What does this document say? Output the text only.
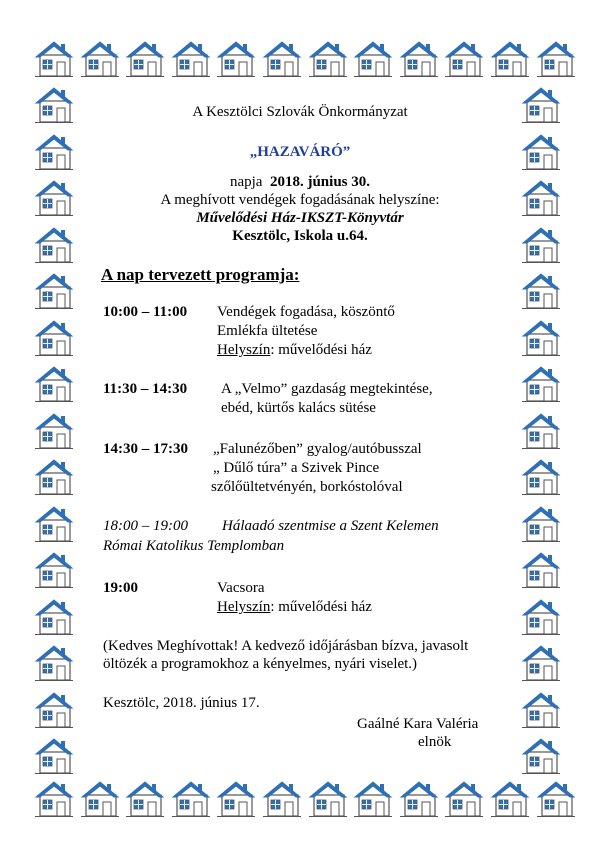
A Kesztölci Szlovák Önkormányzat
„HAZAVÁRÓ”
napja 2018. június 30.
A meghívott vendégek fogadásának helyszíne:
Művelődési Ház-IKSZT-Könyvtár
Kesztölc, Iskola u.64.
A nap tervezett programja:
10:00 – 11:00 Vendégek fogadása, köszöntő
Emlékfa ültetése
Helyszín: művelődési ház
11:30 – 14:30 A „Velmo” gazdaság megtekintése,
ebéd, kürtős kalács sütése
14:30 – 17:30 „Falunézőben” gyalog/autóbusszal
„ Dűlő túra” a Szivek Pince
szőlőültetvényén, borkóstolóval
18:00 – 19:00 Hálaadó szentmise a Szent Kelemen
Római Katolikus Templomban
19:00	Vacsora
Helyszín: művelődési ház
(Kedves Meghívottak! A kedvező időjárásban bízva, javasolt
öltözék a programokhoz a kényelmes, nyári viselet.)
Kesztölc, 2018. június 17.
Gaálné Kara Valéria
elnök
